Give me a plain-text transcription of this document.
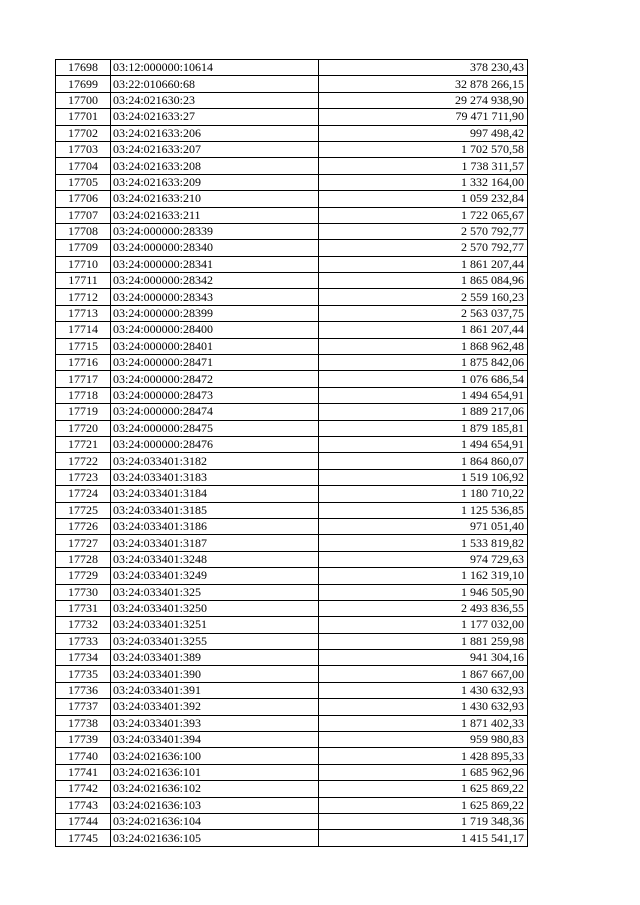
17698	03:12:000000:10614	378 230,43
17699	03:22:010660:68	32 878 266,15
17700	03:24:021630:23	29 274 938,90
17701	03:24:021633:27	79 471 711,90
17702	03:24:021633:206	997 498,42
17703	03:24:021633:207	1 702 570,58
17704	03:24:021633:208	1 738 311,57
17705	03:24:021633:209	1 332 164,00
17706	03:24:021633:210	1 059 232,84
17707	03:24:021633:211	1 722 065,67
17708	03:24:000000:28339	2 570 792,77
17709	03:24:000000:28340	2 570 792,77
17710	03:24:000000:28341	1 861 207,44
17711	03:24:000000:28342	1 865 084,96
17712	03:24:000000:28343	2 559 160,23
17713	03:24:000000:28399	2 563 037,75
17714	03:24:000000:28400	1 861 207,44
17715	03:24:000000:28401	1 868 962,48
17716	03:24:000000:28471	1 875 842,06
17717	03:24:000000:28472	1 076 686,54
17718	03:24:000000:28473	1 494 654,91
17719	03:24:000000:28474	1 889 217,06
17720	03:24:000000:28475	1 879 185,81
17721	03:24:000000:28476	1 494 654,91
17722	03:24:033401:3182	1 864 860,07
17723	03:24:033401:3183	1 519 106,92
17724	03:24:033401:3184	1 180 710,22
17725	03:24:033401:3185	1 125 536,85
17726	03:24:033401:3186	971 051,40
17727	03:24:033401:3187	1 533 819,82
17728	03:24:033401:3248	974 729,63
17729	03:24:033401:3249	1 162 319,10
17730	03:24:033401:325	1 946 505,90
17731	03:24:033401:3250	2 493 836,55
17732	03:24:033401:3251	1 177 032,00
17733	03:24:033401:3255	1 881 259,98
17734	03:24:033401:389	941 304,16
17735	03:24:033401:390	1 867 667,00
17736	03:24:033401:391	1 430 632,93
17737	03:24:033401:392	1 430 632,93
17738	03:24:033401:393	1 871 402,33
17739	03:24:033401:394	959 980,83
17740	03:24:021636:100	1 428 895,33
17741	03:24:021636:101	1 685 962,96
17742	03:24:021636:102	1 625 869,22
17743	03:24:021636:103	1 625 869,22
17744	03:24:021636:104	1 719 348,36
17745	03:24:021636:105	1 415 541,17
